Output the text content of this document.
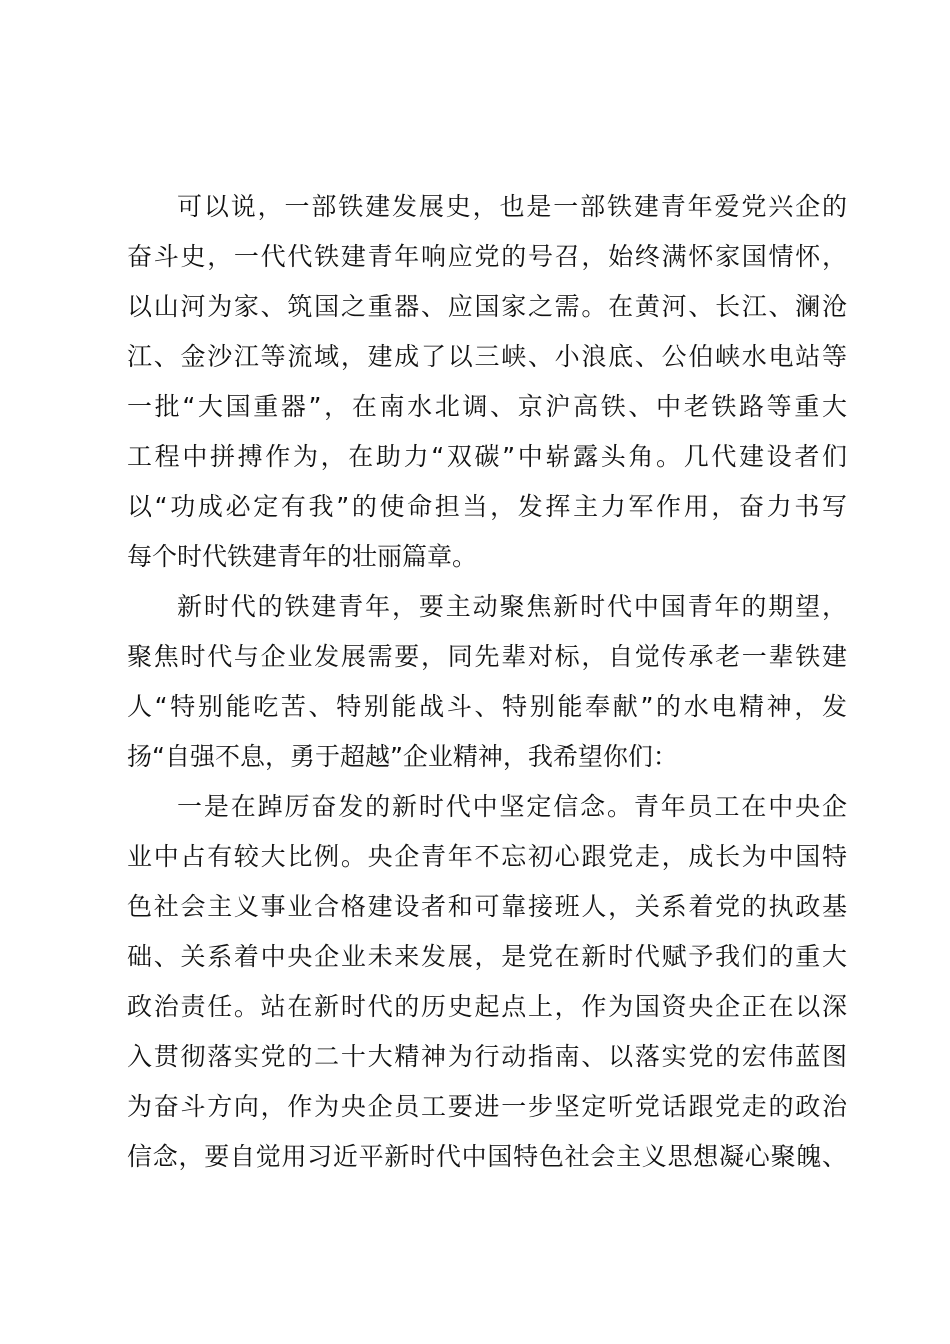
可以说，一部铁建发展史，也是一部铁建青年爱党兴企的
奋斗史，一代代铁建青年响应党的号召，始终满怀家国情怀，
以山河为家、筑国之重器、应国家之需。在黄河、长江、澜沧
江、金沙江等流域，建成了以三峡、小浪底、公伯峡水电站等
一批“大国重器”，在南水北调、京沪高铁、中老铁路等重大
工程中拼搏作为，在助力“双碳”中崭露头角。几代建设者们
以“功成必定有我”的使命担当，发挥主力军作用，奋力书写
每个时代铁建青年的壮丽篇章。
新时代的铁建青年，要主动聚焦新时代中国青年的期望，
聚焦时代与企业发展需要，同先辈对标，自觉传承老一辈铁建
人“特别能吃苦、特别能战斗、特别能奉献”的水电精神，发
扬“自强不息，勇于超越”企业精神，我希望你们：
一是在踔厉奋发的新时代中坚定信念。青年员工在中央企
业中占有较大比例。央企青年不忘初心跟党走，成长为中国特
色社会主义事业合格建设者和可靠接班人，关系着党的执政基
础、关系着中央企业未来发展，是党在新时代赋予我们的重大
政治责任。站在新时代的历史起点上，作为国资央企正在以深
入贯彻落实党的二十大精神为行动指南、以落实党的宏伟蓝图
为奋斗方向，作为央企员工要进一步坚定听党话跟党走的政治
信念，要自觉用习近平新时代中国特色社会主义思想凝心聚魄、
